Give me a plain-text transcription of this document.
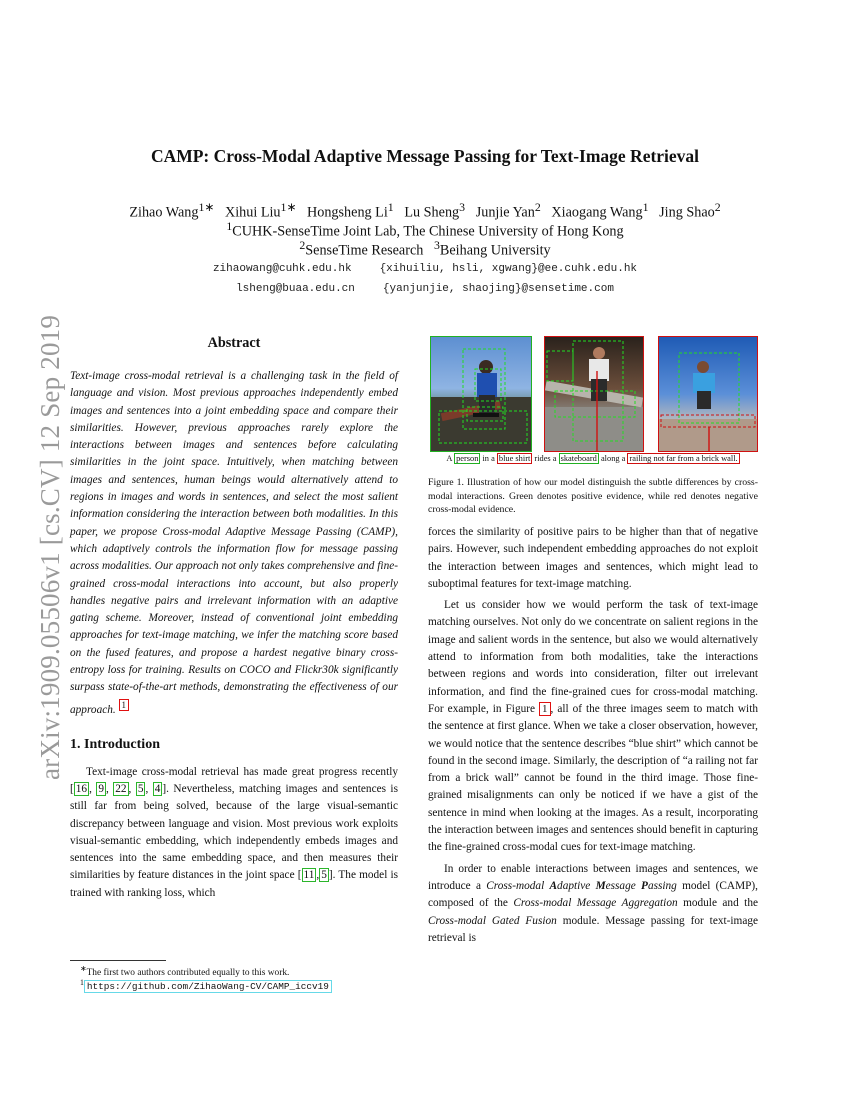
arXiv:1909.05506v1 [cs.CV] 12 Sep 2019
CAMP: Cross-Modal Adaptive Message Passing for Text-Image Retrieval
Zihao Wang$^{1∗}$ Xihui Liu$^{1∗}$ Hongsheng Li$^1$ Lu Sheng$^3$ Junjie Yan$^2$ Xiaogang Wang$^1$ Jing Shao$^2$
$^1$CUHK-SenseTime Joint Lab, The Chinese University of Hong Kong
$^2$SenseTime Research $^3$Beihang University
zihaowang@cuhk.edu.hk	{xihuiliu, hsli, xgwang}@ee.cuhk.edu.hk
lsheng@buaa.edu.cn	{yanjunjie, shaojing}@sensetime.com
Abstract
Text-image cross-modal retrieval is a challenging task in the field of language and vision. Most previous approaches independently embed images and sentences into a joint embedding space and compare their similarities. However, previous approaches rarely explore the interactions between images and sentences before calculating similarities in the joint space. Intuitively, when matching between images and sentences, human beings would alternatively attend to regions in images and words in sentences, and select the most salient information considering the interaction between both modalities. In this paper, we propose Cross-modal Adaptive Message Passing (CAMP), which adaptively controls the information flow for message passing across modalities. Our approach not only takes comprehensive and fine-grained cross-modal interactions into account, but also properly handles negative pairs and irrelevant information with an adaptive gating scheme. Moreover, instead of conventional joint embedding approaches for text-image matching, we infer the matching score based on the fused features, and propose a hardest negative binary cross-entropy loss for training. Results on COCO and Flickr30k significantly surpass state-of-the-art methods, demonstrating the effectiveness of our approach. $^1$
1. Introduction

Text-image cross-modal retrieval has made great progress recently [ 16 , 9 , 22 , 5 , 4 ]. Nevertheless, matching images and sentences is still far from being solved, because of the large visual-semantic discrepancy between language and vision. Most previous work exploits visual-semantic embedding, which independently embeds images and sentences into the same embedding space, and then measures their similarities by feature distances in the joint space [ 11 , 5 ]. The model is trained with ranking loss, which

∗The first two authors contributed equally to this work.
$^1$ https://github.com/ZihaoWang-CV/CAMP_iccv19
A person in a blue shirt rides a skateboard along a railing not far from a brick wall.
Figure 1. Illustration of how our model distinguish the subtle differences by cross-modal interactions. Green denotes positive evidence, while red denotes negative cross-modal evidence.

forces the similarity of positive pairs to be higher than that of negative pairs. However, such independent embedding approaches do not exploit the interaction between images and sentences, which might lead to suboptimal features for text-image matching.

Let us consider how we would perform the task of text-image matching ourselves. Not only do we concentrate on salient regions in the image and salient words in the sentence, but also we would alternatively attend to information from both modalities, take the interactions between regions and words into consideration, filter out irrelevant information, and find the fine-grained cues for cross-modal matching. For example, in Figure 1 , all of the three images seem to match with the sentence at first glance. When we take a closer observation, however, we would notice that the sentence describes “blue shirt” which cannot be found in the second image. Similarly, the description of “a railing not far from a brick wall” cannot be found in the third image. Those fine-grained misalignments can only be noticed if we have a gist of the sentence in mind when looking at the images. As a result, incorporating the interaction between images and sentences should benefit in capturing the fine-grained cross-modal cues for text-image matching.

In order to enable interactions between images and sentences, we introduce a Cross-modal Adaptive Message Passing model (CAMP), composed of the Cross-modal Message Aggregation module and the Cross-modal Gated Fusion module. Message passing for text-image retrieval is
